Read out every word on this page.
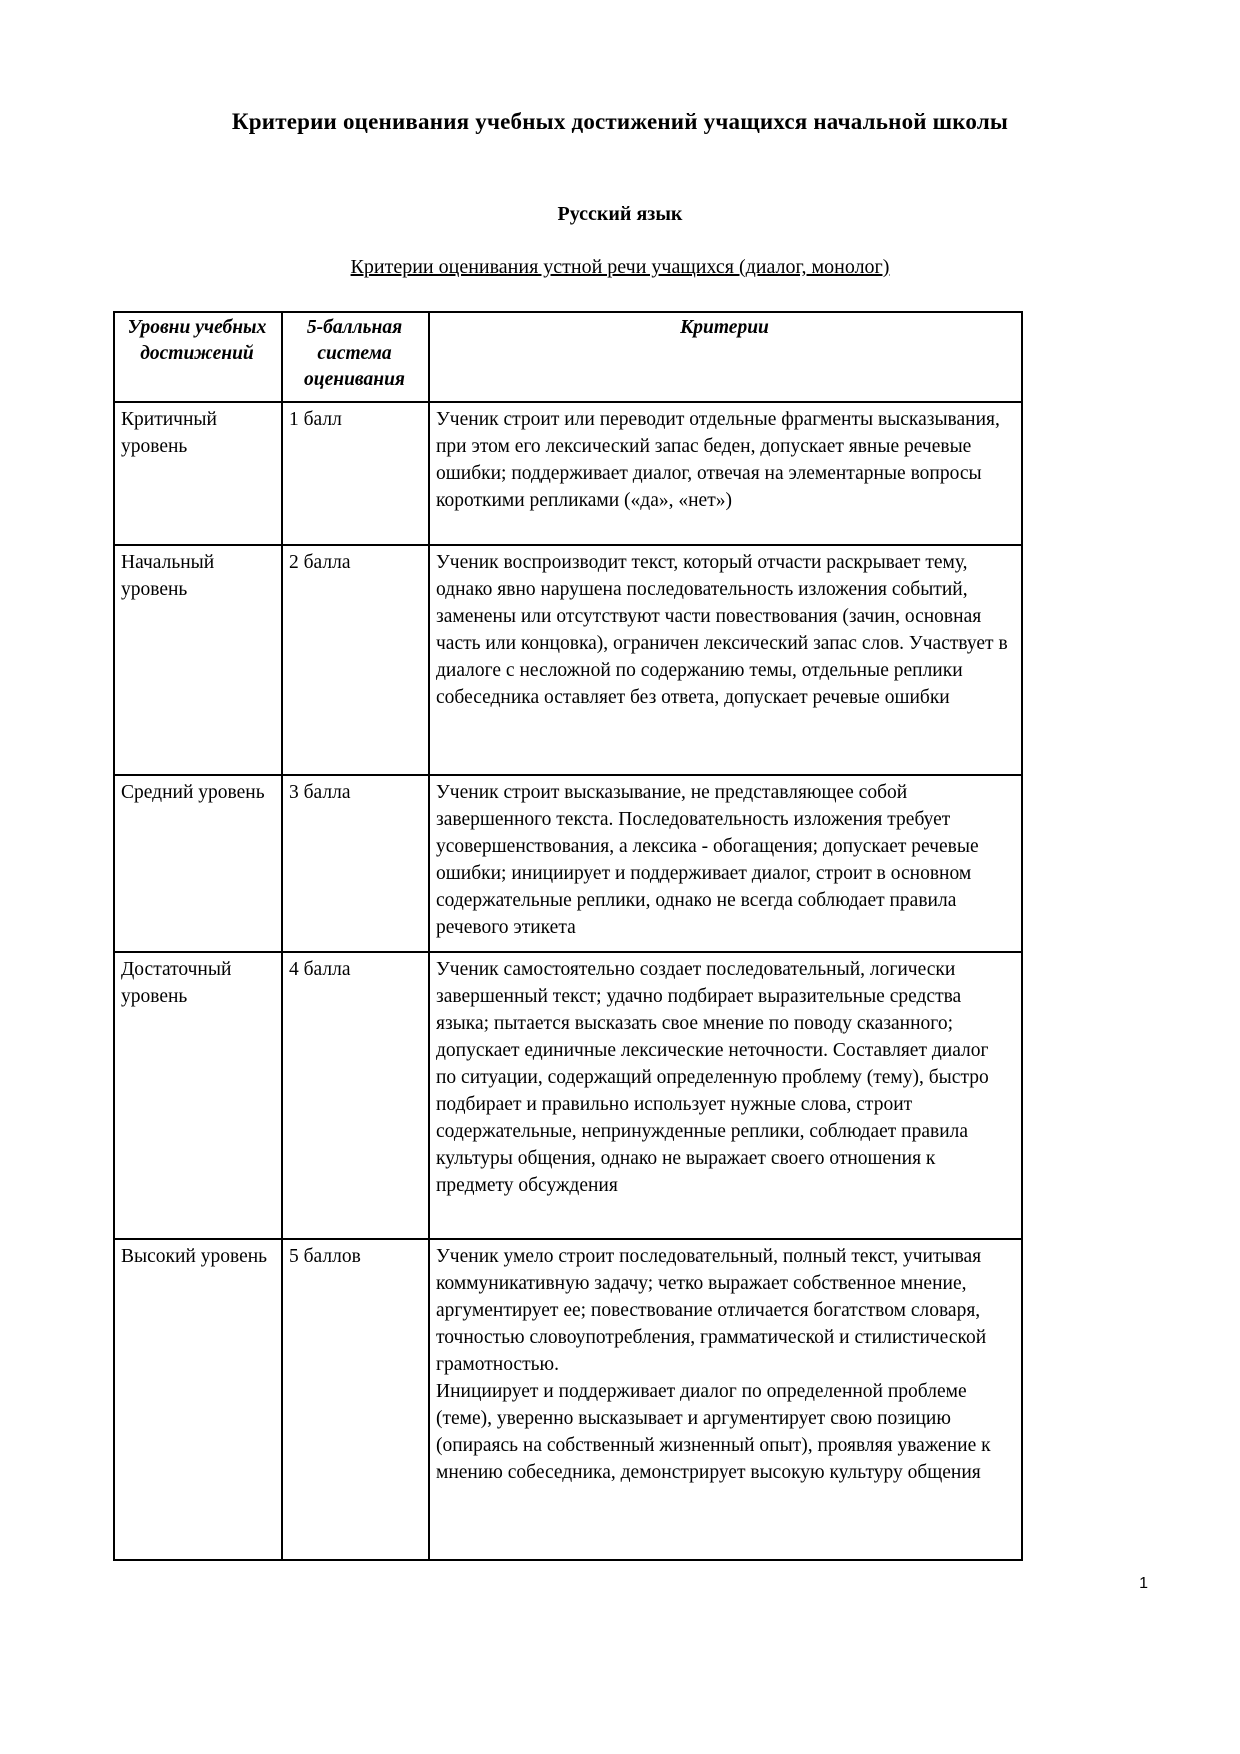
Критерии оценивания учебных достижений учащихся начальной школы
Русский язык
Критерии оценивания устной речи учащихся (диалог, монолог)
Уровни учебных достижений	5-балльная система оценивания	Критерии
Критичный уровень	1 балл	Ученик строит или переводит отдельные фрагменты высказывания, при этом его лексический запас беден, допускает явные речевые ошибки; поддерживает диалог, отвечая на элементарные вопросы короткими репликами («да», «нет»)
Начальный уровень	2 балла	Ученик воспроизводит текст, который отчасти раскрывает тему, однако явно нарушена последовательность изложения событий, заменены или отсутствуют части повествования (зачин, основная часть или концовка), ограничен лексический запас слов. Участвует в диалоге с несложной по содержанию темы, отдельные реплики собеседника оставляет без ответа, допускает речевые ошибки
Средний уровень	3 балла	Ученик строит высказывание, не представляющее собой завершенного текста. Последовательность изложения требует усовершенствования, а лексика - обогащения; допускает речевые ошибки; инициирует и поддерживает диалог, строит в основном содержательные реплики, однако не всегда соблюдает правила речевого этикета
Достаточный уровень	4 балла	Ученик самостоятельно создает последовательный, логически завершенный текст; удачно подбирает выразительные средства языка; пытается высказать свое мнение по поводу сказанного; допускает единичные лексические неточности. Составляет диалог по ситуации, содержащий определенную проблему (тему), быстро подбирает и правильно использует нужные слова, строит содержательные, непринужденные реплики, соблюдает правила культуры общения, однако не выражает своего отношения к предмету обсуждения
Высокий уровень	5 баллов	Ученик умело строит последовательный, полный текст, учитывая коммуникативную задачу; четко выражает собственное мнение, аргументирует ее; повествование отличается богатством словаря, точностью словоупотребления, грамматической и стилистической грамотностью.

Инициирует и поддерживает диалог по определенной проблеме (теме), уверенно высказывает и аргументирует свою позицию (опираясь на собственный жизненный опыт), проявляя уважение к мнению собеседника, демонстрирует высокую культуру общения

1
